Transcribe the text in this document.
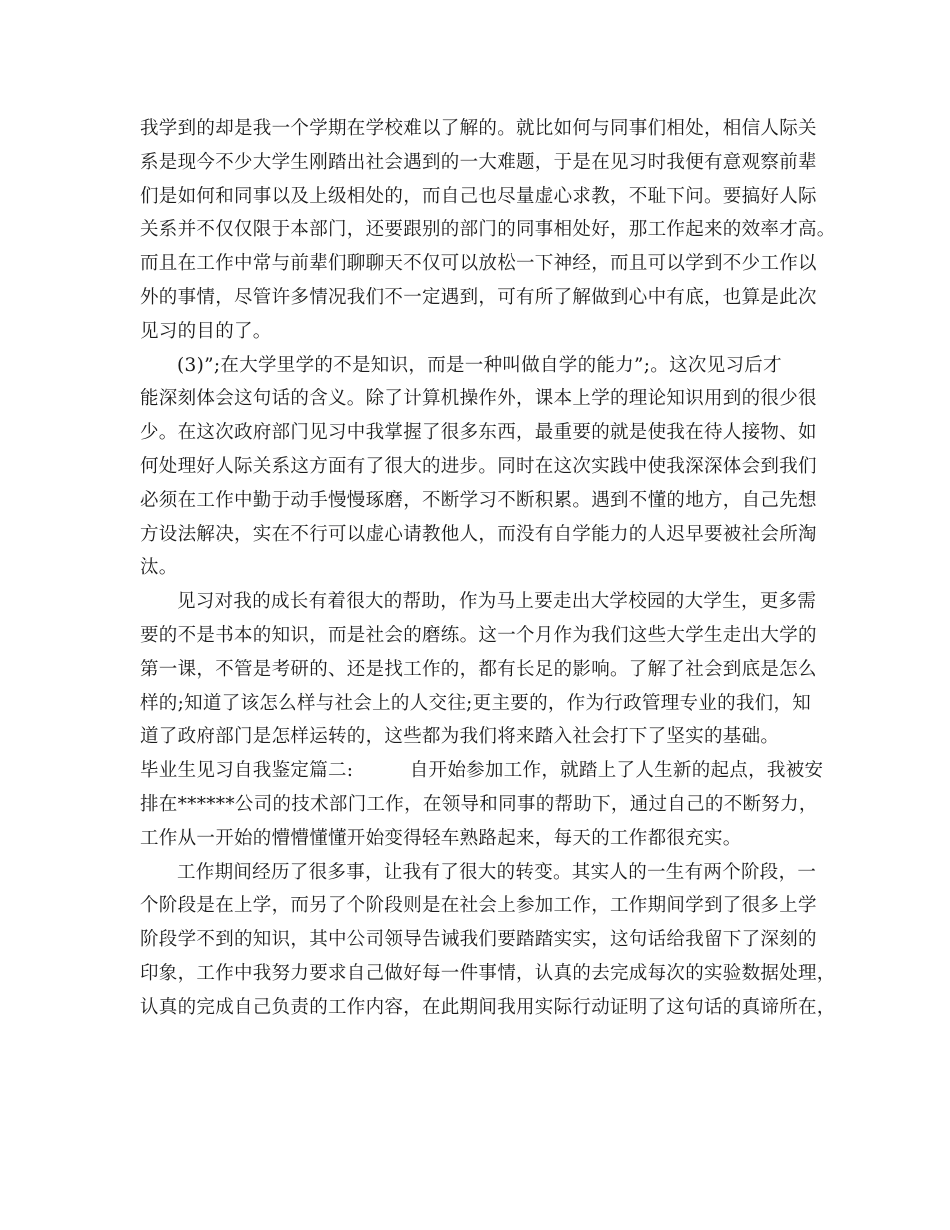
我学到的却是我一个学期在学校难以了解的。就比如何与同事们相处，相信人际关
系是现今不少大学生刚踏出社会遇到的一大难题，于是在见习时我便有意观察前辈
们是如何和同事以及上级相处的，而自己也尽量虚心求教，不耻下问。要搞好人际
关系并不仅仅限于本部门，还要跟别的部门的同事相处好，那工作起来的效率才高。
而且在工作中常与前辈们聊聊天不仅可以放松一下神经，而且可以学到不少工作以
外的事情，尽管许多情况我们不一定遇到，可有所了解做到心中有底，也算是此次
见习的目的了。
(3)”;在大学里学的不是知识，而是一种叫做自学的能力”;。这次见习后才
能深刻体会这句话的含义。除了计算机操作外，课本上学的理论知识用到的很少很
少。在这次政府部门见习中我掌握了很多东西，最重要的就是使我在待人接物、如
何处理好人际关系这方面有了很大的进步。同时在这次实践中使我深深体会到我们
必须在工作中勤于动手慢慢琢磨，不断学习不断积累。遇到不懂的地方，自己先想
方设法解决，实在不行可以虚心请教他人，而没有自学能力的人迟早要被社会所淘
汰。
见习对我的成长有着很大的帮助，作为马上要走出大学校园的大学生，更多需
要的不是书本的知识，而是社会的磨练。这一个月作为我们这些大学生走出大学的
第一课，不管是考研的、还是找工作的，都有长足的影响。了解了社会到底是怎么
样的;知道了该怎么样与社会上的人交往;更主要的，作为行政管理专业的我们，知
道了政府部门是怎样运转的，这些都为我们将来踏入社会打下了坚实的基础。
毕业生见习自我鉴定篇二:　　　自开始参加工作，就踏上了人生新的起点，我被安
排在******公司的技术部门工作，在领导和同事的帮助下，通过自己的不断努力，
工作从一开始的懵懵懂懂开始变得轻车熟路起来，每天的工作都很充实。
工作期间经历了很多事，让我有了很大的转变。其实人的一生有两个阶段，一
个阶段是在上学，而另了个阶段则是在社会上参加工作，工作期间学到了很多上学
阶段学不到的知识，其中公司领导告诫我们要踏踏实实，这句话给我留下了深刻的
印象，工作中我努力要求自己做好每一件事情，认真的去完成每次的实验数据处理，
认真的完成自己负责的工作内容，在此期间我用实际行动证明了这句话的真谛所在，
